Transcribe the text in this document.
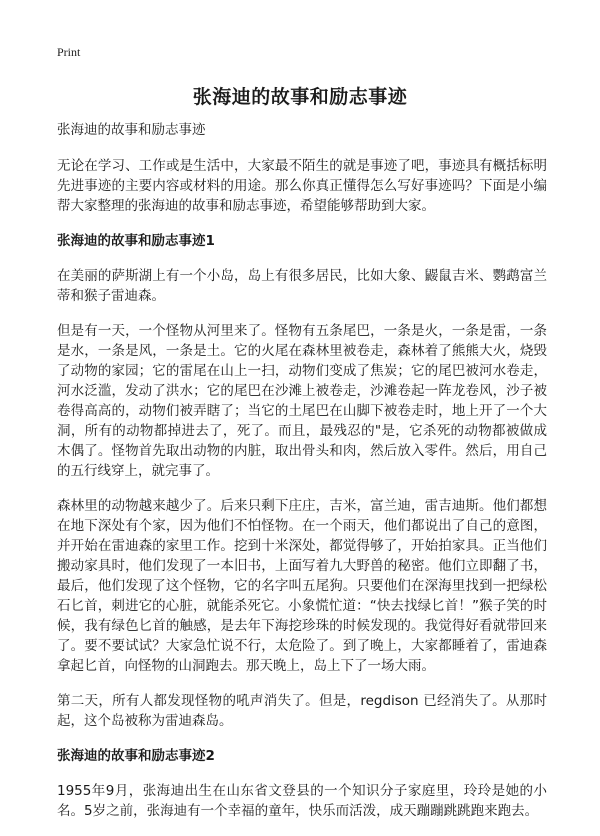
Print
张海迪的故事和励志事迹

张海迪的故事和励志事迹

无论在学习、工作或是生活中，大家最不陌生的就是事迹了吧，事迹具有概括标明先进事迹的主要内容或材料的用途。那么你真正懂得怎么写好事迹吗？下面是小编帮大家整理的张海迪的故事和励志事迹，希望能够帮助到大家。

张海迪的故事和励志事迹1

在美丽的萨斯湖上有一个小岛，岛上有很多居民，比如大象、鼹鼠吉米、鹦鹉富兰蒂和猴子雷迪森。

但是有一天，一个怪物从河里来了。怪物有五条尾巴，一条是火，一条是雷，一条是水，一条是风，一条是土。它的火尾在森林里被卷走，森林着了熊熊大火，烧毁了动物的家园；它的雷尾在山上一扫，动物们变成了焦炭；它的尾巴被河水卷走，河水泛滥，发动了洪水；它的尾巴在沙滩上被卷走，沙滩卷起一阵龙卷风，沙子被卷得高高的，动物们被弄瞎了；当它的土尾巴在山脚下被卷走时，地上开了一个大洞，所有的动物都掉进去了，死了。而且，最残忍的"是，它杀死的动物都被做成木偶了。怪物首先取出动物的内脏，取出骨头和肉，然后放入零件。然后，用自己的五行线穿上，就完事了。

森林里的动物越来越少了。后来只剩下庄庄，吉米，富兰迪，雷吉迪斯。他们都想在地下深处有个家，因为他们不怕怪物。在一个雨天，他们都说出了自己的意图，并开始在雷迪森的家里工作。挖到十米深处，都觉得够了，开始拍家具。正当他们搬动家具时，他们发现了一本旧书，上面写着九大野兽的秘密。他们立即翻了书，最后，他们发现了这个怪物，它的名字叫五尾狗。只要他们在深海里找到一把绿松石匕首，刺进它的心脏，就能杀死它。小象慌忙道：“快去找绿匕首！”猴子笑的时候，我有绿色匕首的触感，是去年下海挖珍珠的时候发现的。我觉得好看就带回来了。要不要试试？大家急忙说不行，太危险了。到了晚上，大家都睡着了，雷迪森拿起匕首，向怪物的山洞跑去。那天晚上，岛上下了一场大雨。

第二天，所有人都发现怪物的吼声消失了。但是，regdison 已经消失了。从那时起，这个岛被称为雷迪森岛。

张海迪的故事和励志事迹2

1955年9月，张海迪出生在山东省文登县的一个知识分子家庭里，玲玲是她的小名。5岁之前，张海迪有一个幸福的童年，快乐而活泼，成天蹦蹦跳跳跑来跑去。
